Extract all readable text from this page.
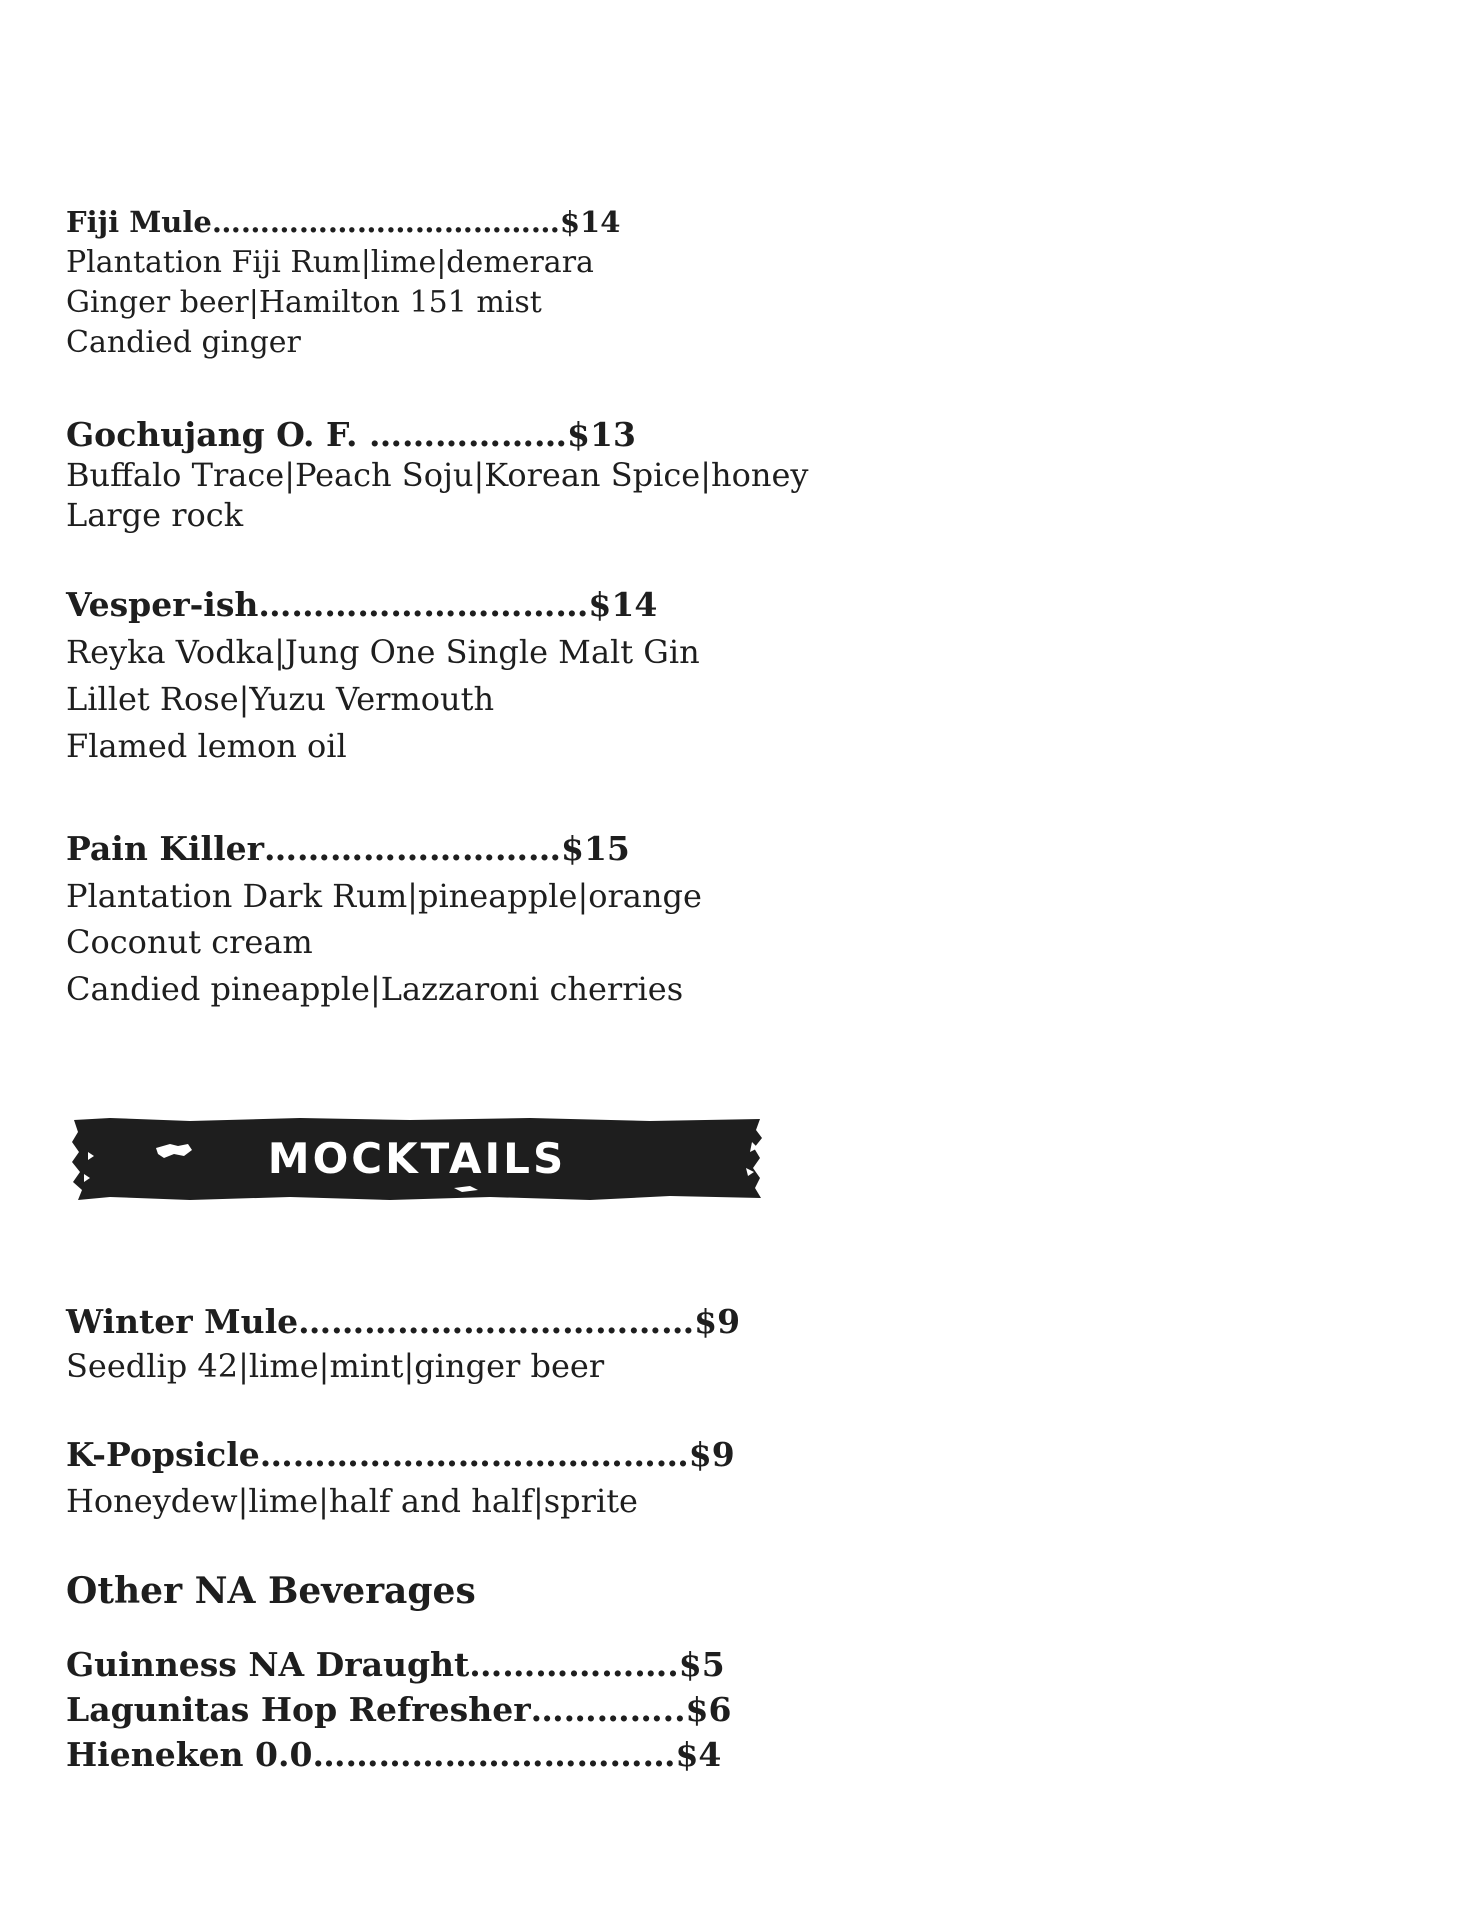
Fiji Mule………………………………$14

Plantation Fiji Rum|lime|demerara

Ginger beer|Hamilton 151 mist

Candied ginger

Gochujang O. F. ………………$13

Buffalo Trace|Peach Soju|Korean Spice|honey

Large rock

Vesper-ish…………………………$14

Reyka Vodka|Jung One Single Malt Gin

Lillet Rose|Yuzu Vermouth

Flamed lemon oil

Pain Killer………………………$15

Plantation Dark Rum|pineapple|orange

Coconut cream

Candied pineapple|Lazzaroni cherries

MOCKTAILS

Winter Mule………………………………$9

Seedlip 42|lime|mint|ginger beer

K-Popsicle…………………………………$9

Honeydew|lime|half and half|sprite

Other NA Beverages

Guinness NA Draught……………….$5

Lagunitas Hop Refresher…………..$6

Hieneken 0.0……………………………$4
